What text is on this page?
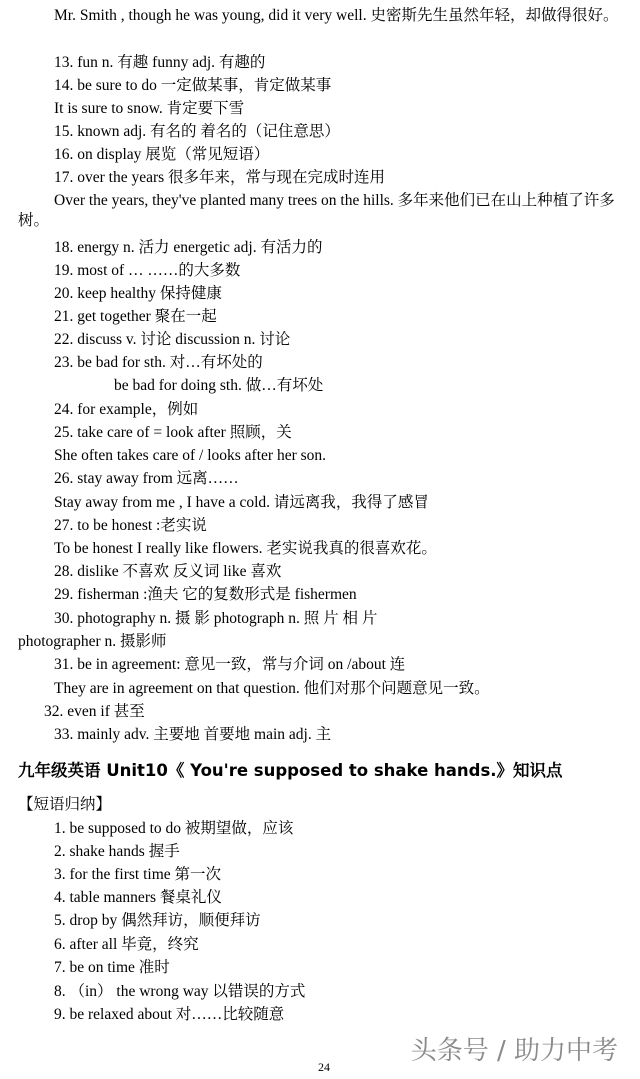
Mr. Smith , though he was young, did it very well. 史密斯先生虽然年轻，却做得很好。
13. fun n. 有趣 funny adj. 有趣的
14. be sure to do 一定做某事，肯定做某事
It is sure to snow. 肯定要下雪
15. known adj. 有名的 着名的（记住意思）
16. on display 展览（常见短语）
17. over the years 很多年来，常与现在完成时连用
Over the years, they've planted many trees on the hills. 多年来他们已在山上种植了许多树。
18. energy n. 活力 energetic adj. 有活力的
19. most of … ……的大多数
20. keep healthy 保持健康
21. get together 聚在一起
22. discuss v. 讨论 discussion n. 讨论
23. be bad for sth. 对…有坏处的
be bad for doing sth. 做…有坏处
24. for example，例如
25. take care of = look after 照顾，关
She often takes care of / looks after her son.
26. stay away from 远离……
Stay away from me , I have a cold. 请远离我，我得了感冒
27. to be honest :老实说
To be honest I really like flowers. 老实说我真的很喜欢花。
28. dislike 不喜欢 反义词 like 喜欢
29. fisherman :渔夫 它的复数形式是 fishermen
30. photography n. 摄 影 photograph n. 照 片 相 片
photographer n. 摄影师
31. be in agreement: 意见一致，常与介词 on /about 连
They are in agreement on that question. 他们对那个问题意见一致。
32. even if 甚至
33. mainly adv. 主要地 首要地 main adj. 主
九年级英语 Unit10《 You're supposed to shake hands.》知识点
【短语归纳】
1. be supposed to do 被期望做，应该
2. shake hands 握手
3. for the first time 第一次
4. table manners 餐桌礼仪
5. drop by 偶然拜访，顺便拜访
6. after all 毕竟，终究
7. be on time 准时
8. （in） the wrong way 以错误的方式
9. be relaxed about 对……比较随意
头条号 / 助力中考
24
